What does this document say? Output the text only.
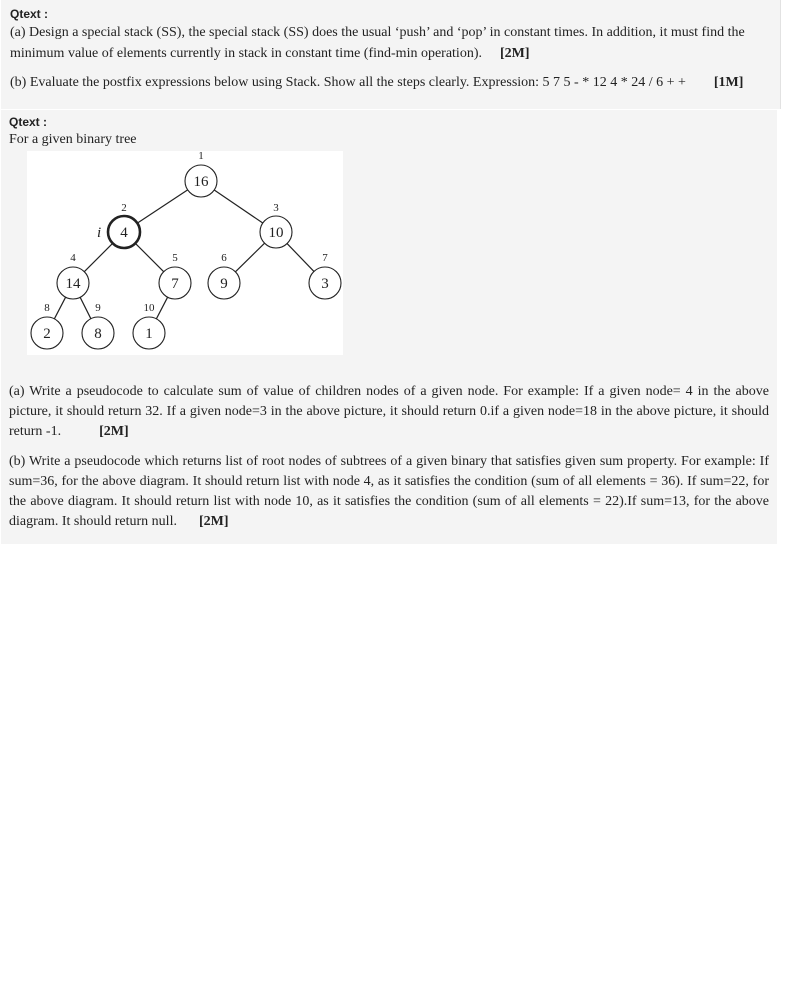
Qtext :
(a) Design a special stack (SS), the special stack (SS) does the usual ‘push’ and ‘pop’ in constant times. In addition, it must find the
minimum value of elements currently in stack in constant time (find-min operation). [2M]
(b) Evaluate the postfix expressions below using Stack. Show all the steps clearly. Expression: 5 7 5 - * 12 4 * 24 / 6 + + [1M]
Qtext :
For a given binary tree
16
1
4
2
i	10
3
14
4
7
5
9
6
3
7
2
8
8
9
1
10
(a) Write a pseudocode to calculate sum of value of children nodes of a given node. For example: If a given node= 4 in the above picture, it should return 32. If a given node=3 in the above picture, it should return 0.if a given node=18 in the above picture, it should return -1.	[2M]
(b) Write a pseudocode which returns list of root nodes of subtrees of a given binary that satisfies given sum property. For example: If sum=36, for the above diagram. It should return list with node 4, as it satisfies the condition (sum of all elements = 36). If sum=22, for the above diagram. It should return list with node 10, as it satisfies the condition (sum of all elements = 22).If sum=13, for the above diagram. It should return null. [2M]
